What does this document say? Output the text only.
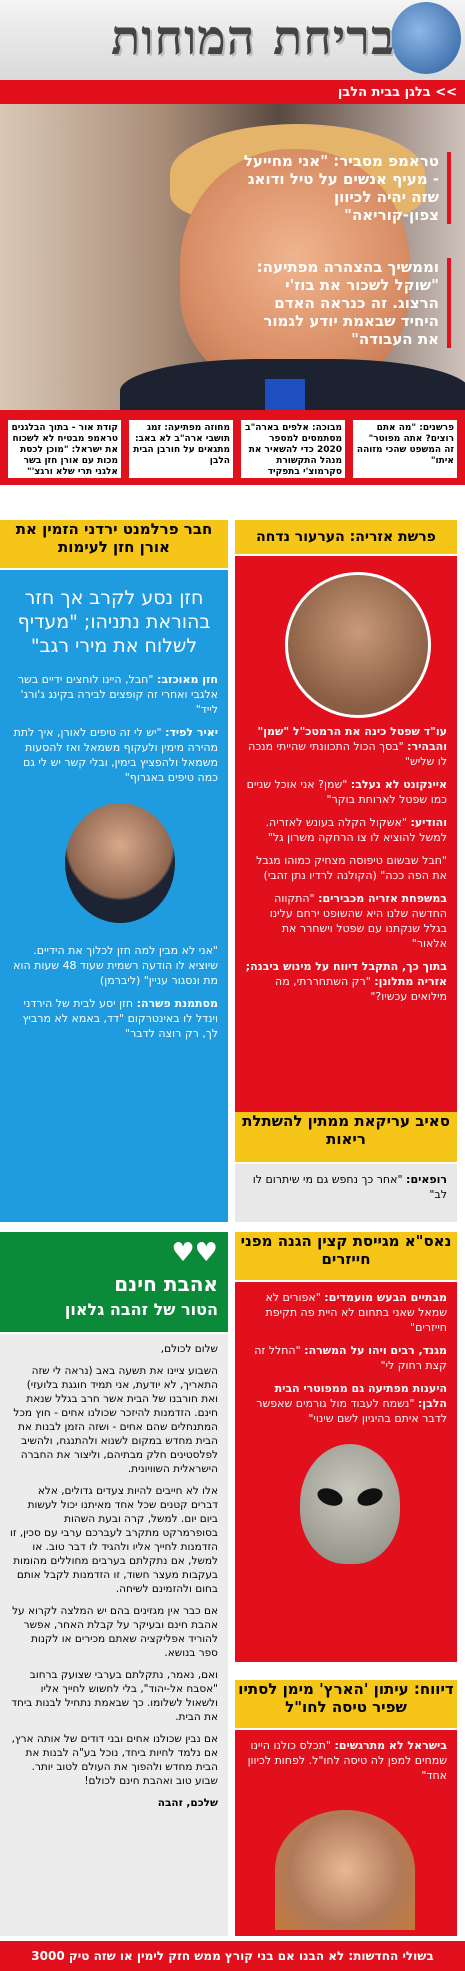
בריחת המוחות
>> בלגן בבית הלבן
טראמפ מסביר: "אני מחייעל - מעיף אנשים על טיל ודואג שזה יהיה לכיוון צפון-קוריאה"
וממשיך בהצהרה מפתיעה: "שוקל לשכור את בוז'י הרצוג. זה כנראה האדם היחיד שבאמת יודע לגמור את העבודה"
פרשנים: "מה אתם רוצים? אתה מפוטר" זה המשפט שהכי מזוהה איתו"
מבוכה: אלפים בארה"ב מסתמסים למספר 2020 כדי להשאיר את מנהל התקשורת סקרמוצ'י בתפקיד
מחוזה מפתיעה: זמג תושבי ארה"ב לא באב: מתגאים על חורבן הבית הלבן
קודת אור - בתוך הבלגנים טראמפ מבטיח לא לשכוח את ישראל: "מוכן לכסת מכות עם אורן חזן בשר אלגני תרי שלא ורגצ'"
פרשת אזריה: הערעור נדחה

עו"ד שפטל כינה את הרמטכ"ל "שמן" והבהיר: "בסך הכול התכוונתי שהייתי מנכה לו שליש"

איינקונט לא נעלב: "שמן? אני אוכל שניים כמו שפטל לארוחת בוקר"

והודיע: "אשקול הקלה בעונש לאזריה. למשל להוציא לו צו הרחקה משרון גל"

"חבל שבשום טיפוסה מצחיק כמוהו מגבל את הפה ככה" (הקולנה לרדיו נתן זהבי)

במשפחת אזריה מכבירים: "התקווה החדשה שלנו היא שהשופט ירחם עלינו בגלל שנקתנו עם שפטל וישחרר את אלאור"

בתוך כך, התקבל דיווח על מינוש ביבנה; אזריה מתלונן: "רק השתחררתי, מה מילואים עכשיו?"

חבר פרלמנט ירדני הזמין את אורן חזן לעימות
חזן נסע לקרב אך חזר בהוראת נתניהו; "מעדיף לשלוח את מירי רגב"

חזן מאוכזב: "חבל, היינו לוחצים ידיים בשר אלגבי ואחרי זה קופצים לבירה בקינג ג'ורג' לייד"

יאיר לפיד: "יש לי זה טיפים לאורן, איך לתת מהירה מימין ולעקוף משמאל ואז להסעות משמאל ולהפציץ בימין, ובלי קשר יש לי גם כמה טיפים באגרוף"

"אני לא מבין למה חזן לכלוך את הידיים. שיוציא לו הודעה רשמית שעוד 48 שעות הוא מת ונסגור עניין" (ליברמן)

מסתמנת פשרה: חזן יסע לבית של הירדני וינדל לו באינטרקום "דד, באמא לא מרביץ לך, רק רוצה לדבר"

סאיב עריקאת ממתין להשתלת ריאות
רופאים: "אחר כך נחפש גם מי שיתרום לו לב"
♥♥
אהבת חינם
הטור של זהבה גלאון

שלום לכולם,

השבוע ציינו את תשעה באב (נראה לי שזה התאריך, לא יודעת, אני תמיד חוגגת בלועזי) ואת חורבנו של הבית אשר חרב בגלל שנאת חינם. הזדמנות להיזכר שכולנו אחים - חוץ מכל המתנחלים שהם אחים - ושזה הזמן לבנות את הבית מחדש במקום לשנוא ולהתנגח, ולהשיב לפלסטינים חלק מבתיהם, וליצור את החברה הישראלית השוויונית.

אלו לא חייבים להיות צעדים גדולים, אלא דברים קטנים שכל אחד מאיתנו יכול לעשות ביום יום. למשל, קרה ובעת השהות בסופרמרקט מתקרב לעברכם ערבי עם סכין, זו הזדמנות לחייך אליו ולהגיד לו דבר טוב. או למשל, אם נתקלתם בערבים מחוללים מהומות בעקבות מעצר חשוד, זו הזדמנות לקבל אותם בחום ולהזמינם לשיחה.

אם כבר אין מגזינים בהם יש המלצה לקרוא על אהבת חינם ובעיקר על קבלת האחר, אפשר להוריד אפליקציה שאתם מכירים או לקנות ספר בנושא.

ואם, נאמר, נתקלתם בערבי שצועק ברחוב "אסבח אל-יהוד", בלי לחשוש לחייך אליו ולשאול לשלומו. כך שבאמת נתחיל לבנות ביחד את הבית.

אם נבין שכולנו אחים ובני דודים של אותה ארץ, אם נלמד לחיות ביחד, נוכל בע"ה לבנות את הבית מחדש ולהפוך את העולם לטוב יותר. שבוע טוב ואהבת חינם לכולם!

שלכם, זהבה

נאס"א מגייסת קצין הגנה מפני חייזרים

מבתיים הבעש מועמדים: "אפורים לא שמאל שאני בתחום לא היית פה תקיפת חייזרים"

מגנד, רבים ויהו על המשרה: "החלל זה קצת רחוק לי"

היענות מפתיעה גם ממפוטרי הבית הלבן: "נשמח לעבוד מול גורמים שאפשר לדבר איתם בהיגיון לשם שינוי"

דיווח: עיתון 'הארץ' מימן לסתיו שפיר טיסה לחו"ל

בישראל לא מתרגשים: "תכלס כולנו היינו שמחים למפן לה טיסה לחו"ל. לפחות לכיוון אחד"

בשולי החדשות: לא הבנו אם בני קורץ ממש חזק לימין או שזה טיק 3000
